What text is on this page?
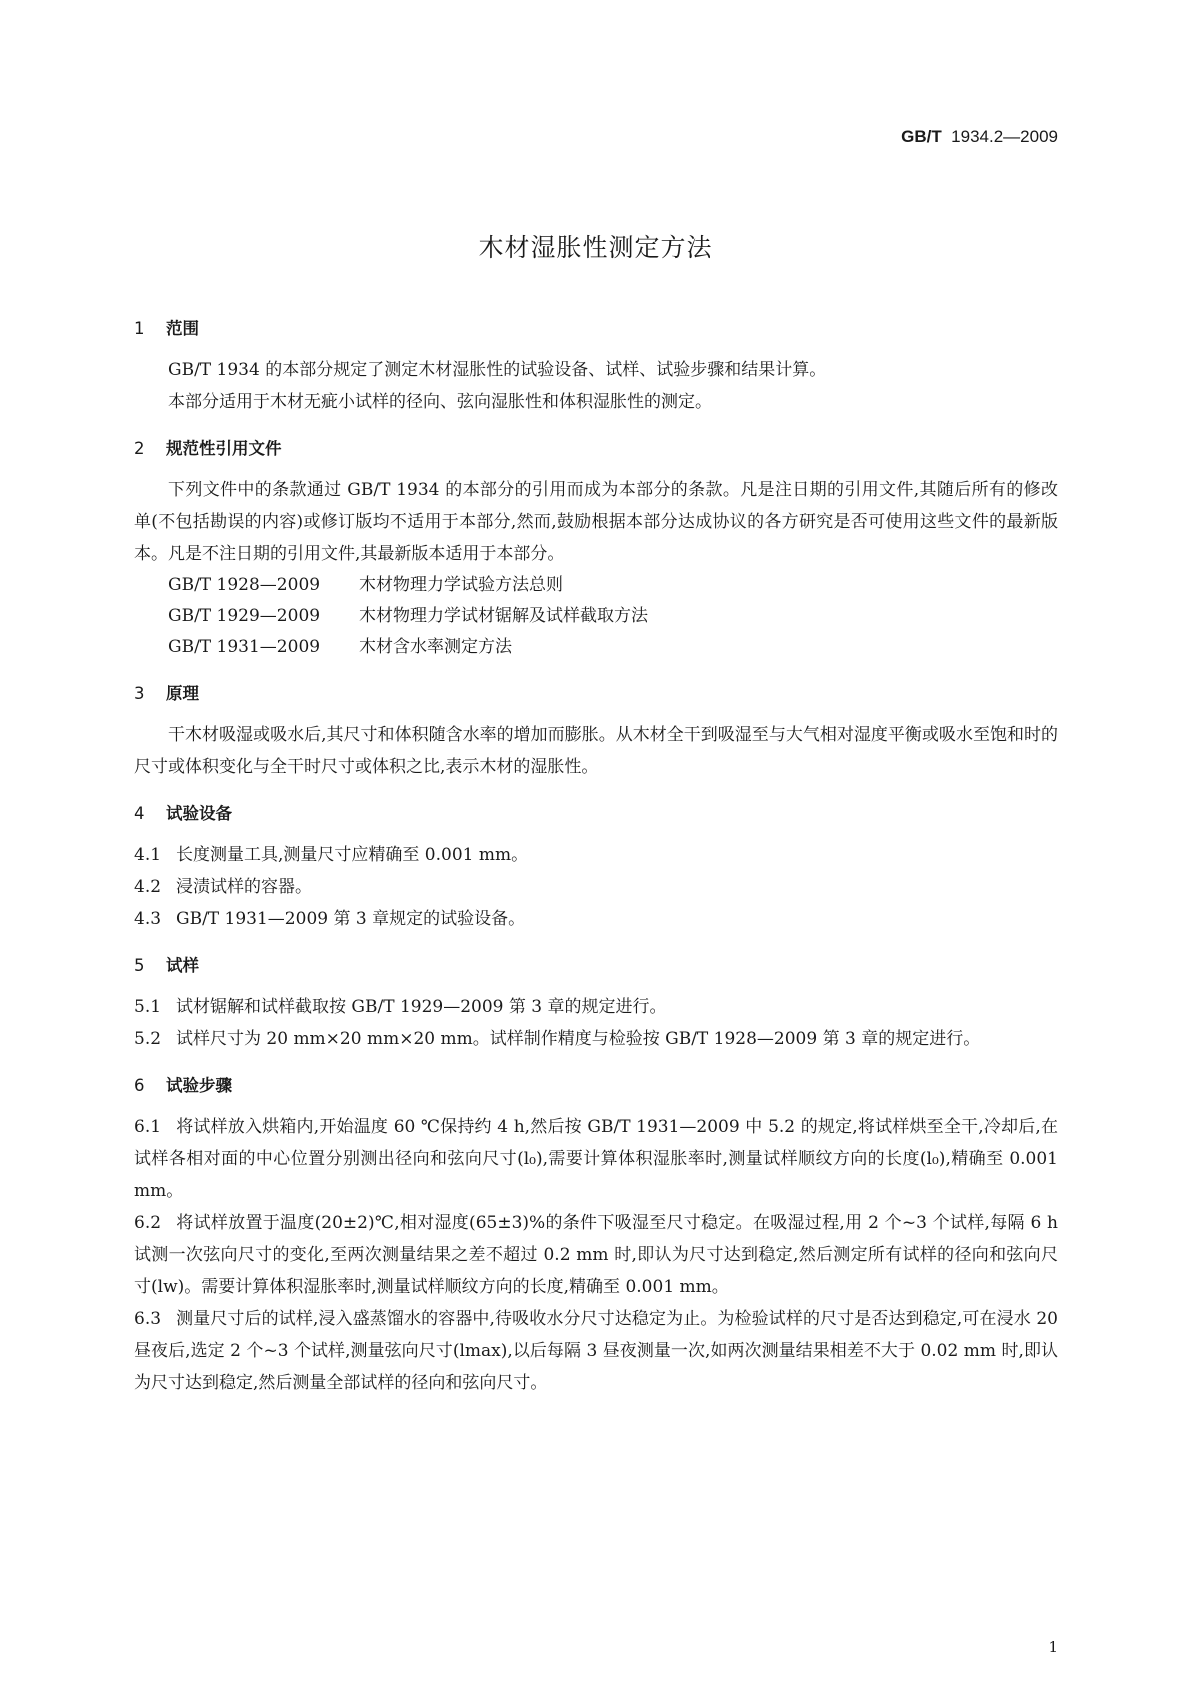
GB/T 1934.2—2009
木材湿胀性测定方法
1 范围
GB/T 1934 的本部分规定了测定木材湿胀性的试验设备、试样、试验步骤和结果计算。
本部分适用于木材无疵小试样的径向、弦向湿胀性和体积湿胀性的测定。
2 规范性引用文件
下列文件中的条款通过 GB/T 1934 的本部分的引用而成为本部分的条款。凡是注日期的引用文件,其随后所有的修改单(不包括勘误的内容)或修订版均不适用于本部分,然而,鼓励根据本部分达成协议的各方研究是否可使用这些文件的最新版本。凡是不注日期的引用文件,其最新版本适用于本部分。
GB/T 1928—2009 木材物理力学试验方法总则
GB/T 1929—2009 木材物理力学试材锯解及试样截取方法
GB/T 1931—2009 木材含水率测定方法
3 原理
干木材吸湿或吸水后,其尺寸和体积随含水率的增加而膨胀。从木材全干到吸湿至与大气相对湿度平衡或吸水至饱和时的尺寸或体积变化与全干时尺寸或体积之比,表示木材的湿胀性。
4 试验设备
4.1 长度测量工具,测量尺寸应精确至 0.001 mm。
4.2 浸渍试样的容器。
4.3 GB/T 1931—2009 第 3 章规定的试验设备。
5 试样
5.1 试材锯解和试样截取按 GB/T 1929—2009 第 3 章的规定进行。
5.2 试样尺寸为 20 mm×20 mm×20 mm。试样制作精度与检验按 GB/T 1928—2009 第 3 章的规定进行。
6 试验步骤
6.1 将试样放入烘箱内,开始温度 60 ℃保持约 4 h,然后按 GB/T 1931—2009 中 5.2 的规定,将试样烘至全干,冷却后,在试样各相对面的中心位置分别测出径向和弦向尺寸(l₀),需要计算体积湿胀率时,测量试样顺纹方向的长度(l₀),精确至 0.001 mm。
6.2 将试样放置于温度(20±2)℃,相对湿度(65±3)%的条件下吸湿至尺寸稳定。在吸湿过程,用 2 个~3 个试样,每隔 6 h 试测一次弦向尺寸的变化,至两次测量结果之差不超过 0.2 mm 时,即认为尺寸达到稳定,然后测定所有试样的径向和弦向尺寸(lw)。需要计算体积湿胀率时,测量试样顺纹方向的长度,精确至 0.001 mm。
6.3 测量尺寸后的试样,浸入盛蒸馏水的容器中,待吸收水分尺寸达稳定为止。为检验试样的尺寸是否达到稳定,可在浸水 20 昼夜后,选定 2 个~3 个试样,测量弦向尺寸(lmax),以后每隔 3 昼夜测量一次,如两次测量结果相差不大于 0.02 mm 时,即认为尺寸达到稳定,然后测量全部试样的径向和弦向尺寸。
1
